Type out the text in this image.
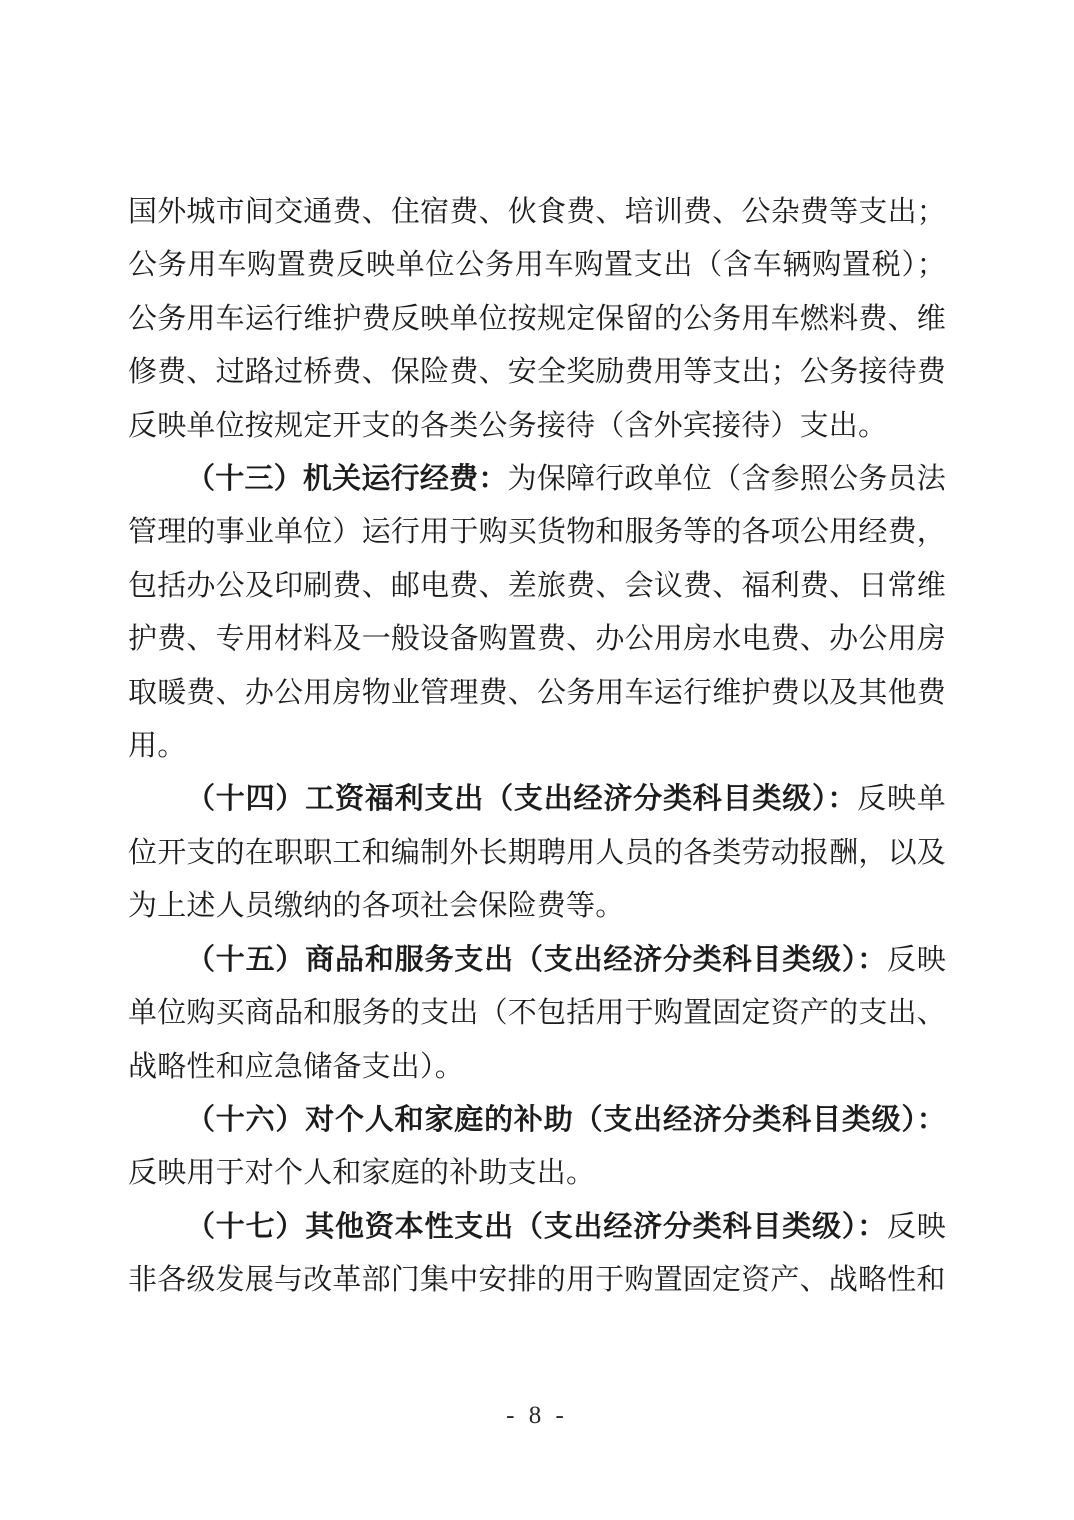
国外城市间交通费、住宿费、伙食费、培训费、公杂费等支出；公务用车购置费反映单位公务用车购置支出（含车辆购置税）；公务用车运行维护费反映单位按规定保留的公务用车燃料费、维修费、过路过桥费、保险费、安全奖励费用等支出；公务接待费反映单位按规定开支的各类公务接待（含外宾接待）支出。

（十三）机关运行经费：为保障行政单位（含参照公务员法管理的事业单位）运行用于购买货物和服务等的各项公用经费，包括办公及印刷费、邮电费、差旅费、会议费、福利费、日常维护费、专用材料及一般设备购置费、办公用房水电费、办公用房取暖费、办公用房物业管理费、公务用车运行维护费以及其他费用。

（十四）工资福利支出（支出经济分类科目类级）：反映单位开支的在职职工和编制外长期聘用人员的各类劳动报酬，以及为上述人员缴纳的各项社会保险费等。

（十五）商品和服务支出（支出经济分类科目类级）：反映单位购买商品和服务的支出（不包括用于购置固定资产的支出、战略性和应急储备支出）。

（十六）对个人和家庭的补助（支出经济分类科目类级）：反映用于对个人和家庭的补助支出。

（十七）其他资本性支出（支出经济分类科目类级）：反映非各级发展与改革部门集中安排的用于购置固定资产、战略性和

- 8 -
